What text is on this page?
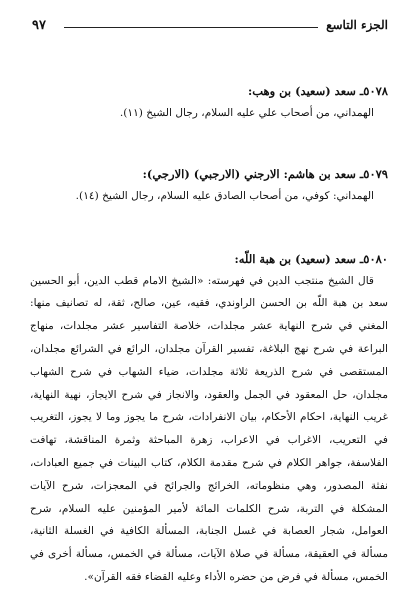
الجزء التاسع
٩٧
٥٠٧٨ـ سعد (سعيد) بن وهب:

الهمداني، من أصحاب علي عليه السلام، رجال الشيخ (١١).

٥٠٧٩ـ سعد بن هاشم: الارجني (الارجبي) (الارجي):

الهمداني: كوفي، من أصحاب الصادق عليه السلام، رجال الشيخ (١٤).

٥٠٨٠ـ سعد (سعيد) بن هبة اللّه:

قال الشيخ منتجب الدين في فهرسته: «الشيخ الامام قطب الدين، أبو الحسين سعد بن هبة اللّه بن الحسن الراوندي، فقيه، عين، صالح، ثقة، له تصانيف منها: المغني في شرح النهاية عشر مجلدات، خلاصة التفاسير عشر مجلدات، منهاج البراعة في شرح نهج البلاغة، تفسير القرآن مجلدان، الرائع في الشرائع مجلدان، المستقصى في شرح الذريعة ثلاثة مجلدات، ضياء الشهاب في شرح الشهاب مجلدان، حل المعقود في الجمل والعقود، والانجاز في شرح الايجاز، نهية النهاية، غريب النهاية، احكام الأحكام، بيان الانفرادات، شرح ما يجوز وما لا يجوز، التغريب في التعريب، الاغراب في الاعراب، زهرة المباحثة وثمرة المناقشة، تهافت الفلاسفة، جواهر الكلام في شرح مقدمة الكلام، كتاب البينات في جميع العبادات، نفثة المصدور، وهي منظوماته، الخرائج والجرائح في المعجزات، شرح الآيات المشكلة في التربة، شرح الكلمات المائة لأمير المؤمنين عليه السلام، شرح العوامل، شجار العصابة في غسل الجنابة، المسألة الكافية في الغسلة الثانية، مسألة في العقيقة، مسألة في صلاة الآيات، مسألة في الخمس، مسألة أخرى في الخمس، مسألة في فرض من حضره الأداء وعليه القضاء فقه القرآن».
